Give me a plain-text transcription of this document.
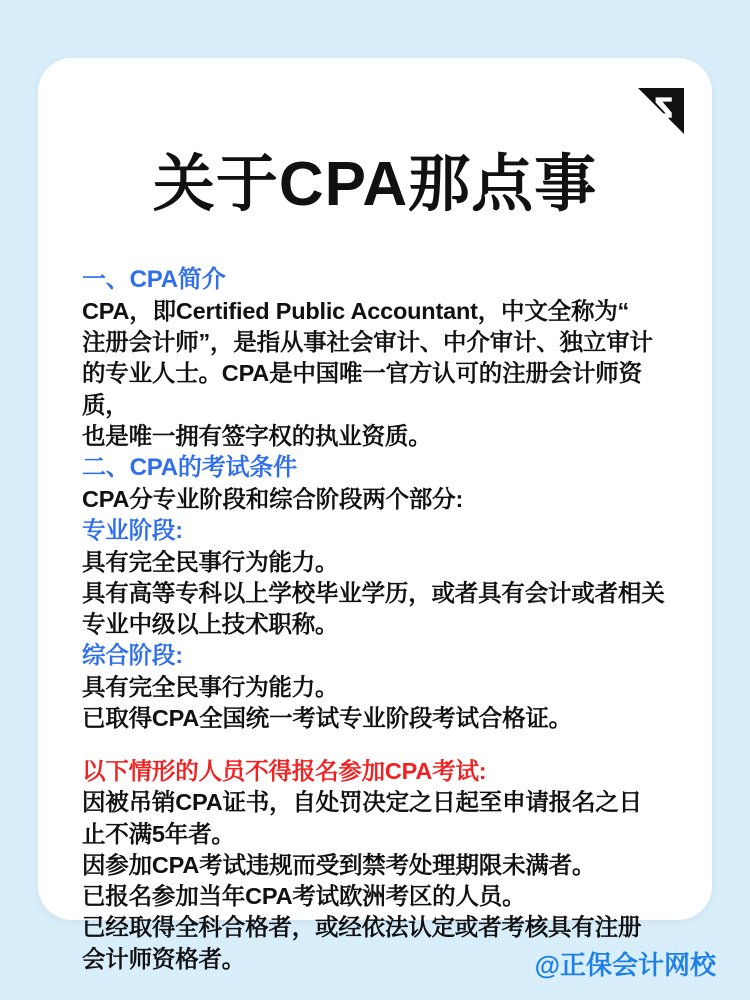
关于CPA那点事
一、CPA简介
CPA，即Certified Public Accountant，中文全称为“
注册会计师”，是指从事社会审计、中介审计、独立审计
的专业人士。CPA是中国唯一官方认可的注册会计师资质，
也是唯一拥有签字权的执业资质。
二、CPA的考试条件
CPA分专业阶段和综合阶段两个部分:
专业阶段:
具有完全民事行为能力。
具有高等专科以上学校毕业学历，或者具有会计或者相关
专业中级以上技术职称。
综合阶段:
具有完全民事行为能力。
已取得CPA全国统一考试专业阶段考试合格证。
以下情形的人员不得报名参加CPA考试:
因被吊销CPA证书，自处罚决定之日起至申请报名之日
止不满5年者。
因参加CPA考试违规而受到禁考处理期限未满者。
已报名参加当年CPA考试欧洲考区的人员。
已经取得全科合格者，或经依法认定或者考核具有注册
会计师资格者。	@正保会计网校
